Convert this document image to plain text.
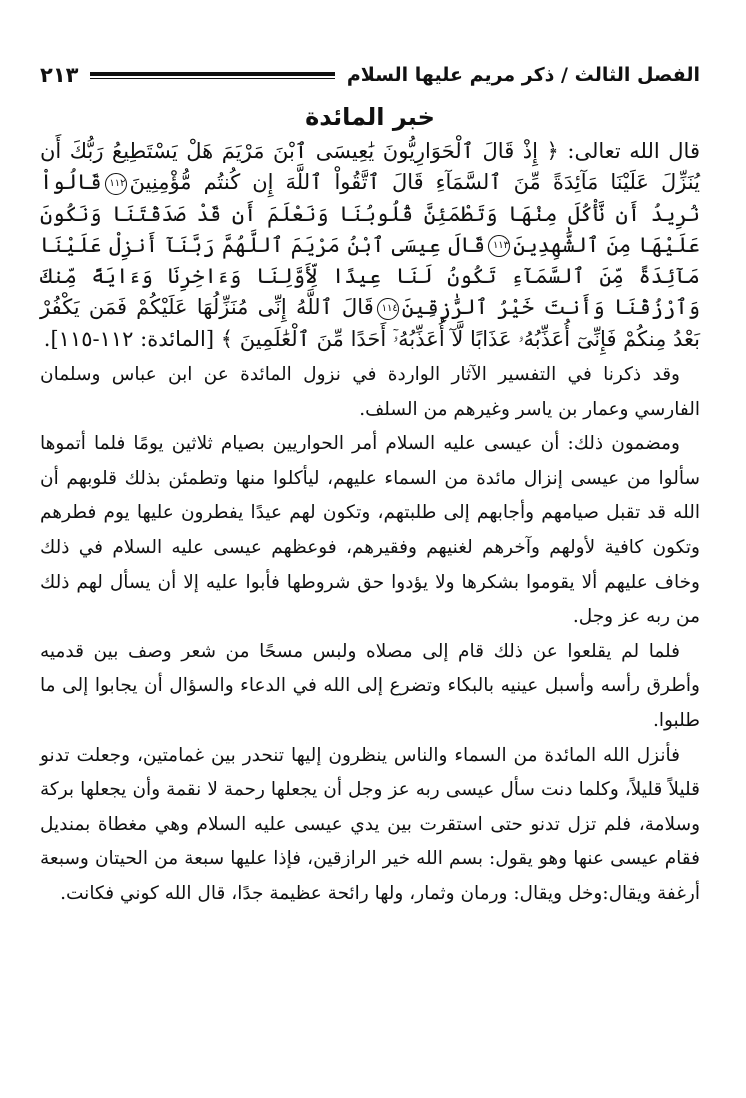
الفصل الثالث / ذكر مريم عليها السلام
٢١٣
خبر المائدة

قال الله تعالى: ﴿ إِذْ قَالَ ٱلْحَوَارِيُّونَ يَٰعِيسَى ٱبْنَ مَرْيَمَ هَلْ يَسْتَطِيعُ رَبُّكَ أَن يُنَزِّلَ عَلَيْنَا مَآئِدَةً مِّنَ ٱلسَّمَآءِ قَالَ ٱتَّقُواْ ٱللَّهَ إِن كُنتُم مُّؤْمِنِينَ١١٢قَالُواْ نُرِيدُ أَن نَّأْكُلَ مِنْهَا وَتَطْمَئِنَّ قُلُوبُنَا وَنَعْلَمَ أَن قَدْ صَدَقْتَنَا وَنَكُونَ عَلَيْهَا مِنَ ٱلشَّٰهِدِينَ١١٣قَالَ عِيسَى ٱبْنُ مَرْيَمَ ٱللَّهُمَّ رَبَّنَآ أَنزِلْ عَلَيْنَا مَآئِدَةً مِّنَ ٱلسَّمَآءِ تَكُونُ لَنَا عِيدًا لِّأَوَّلِنَا وَءَاخِرِنَا وَءَايَةً مِّنكَ وَٱرْزُقْنَا وَأَنتَ خَيْرُ ٱلرَّٰزِقِينَ١١٤قَالَ ٱللَّهُ إِنِّى مُنَزِّلُهَا عَلَيْكُمْ فَمَن يَكْفُرْ بَعْدُ مِنكُمْ فَإِنِّىٓ أُعَذِّبُهُۥ عَذَابًا لَّآ أُعَذِّبُهُۥٓ أَحَدًا مِّنَ ٱلْعَٰلَمِينَ ﴾ [المائدة: ١١٢-١١٥].

وقد ذكرنا في التفسير الآثار الواردة في نزول المائدة عن ابن عباس وسلمان الفارسي وعمار بن ياسر وغيرهم من السلف.

ومضمون ذلك: أن عيسى عليه السلام أمر الحواريين بصيام ثلاثين يومًا فلما أتموها سألوا من عيسى إنزال مائدة من السماء عليهم، ليأكلوا منها وتطمئن بذلك قلوبهم أن الله قد تقبل صيامهم وأجابهم إلى طلبتهم، وتكون لهم عيدًا يفطرون عليها يوم فطرهم وتكون كافية لأولهم وآخرهم لغنيهم وفقيرهم، فوعظهم عيسى عليه السلام في ذلك وخاف عليهم ألا يقوموا بشكرها ولا يؤدوا حق شروطها فأبوا عليه إلا أن يسأل لهم ذلك من ربه عز وجل.

فلما لم يقلعوا عن ذلك قام إلى مصلاه ولبس مسحًا من شعر وصف بين قدميه وأطرق رأسه وأسبل عينيه بالبكاء وتضرع إلى الله في الدعاء والسؤال أن يجابوا إلى ما طلبوا.

فأنزل الله المائدة من السماء والناس ينظرون إليها تنحدر بين غمامتين، وجعلت تدنو قليلاً قليلاً، وكلما دنت سأل عيسى ربه عز وجل أن يجعلها رحمة لا نقمة وأن يجعلها بركة وسلامة، فلم تزل تدنو حتى استقرت بين يدي عيسى عليه السلام وهي مغطاة بمنديل فقام عيسى عنها وهو يقول: بسم الله خير الرازقين، فإذا عليها سبعة من الحيتان وسبعة أرغفة ويقال:وخل ويقال: ورمان وثمار، ولها رائحة عظيمة جدًا، قال الله كوني فكانت.
